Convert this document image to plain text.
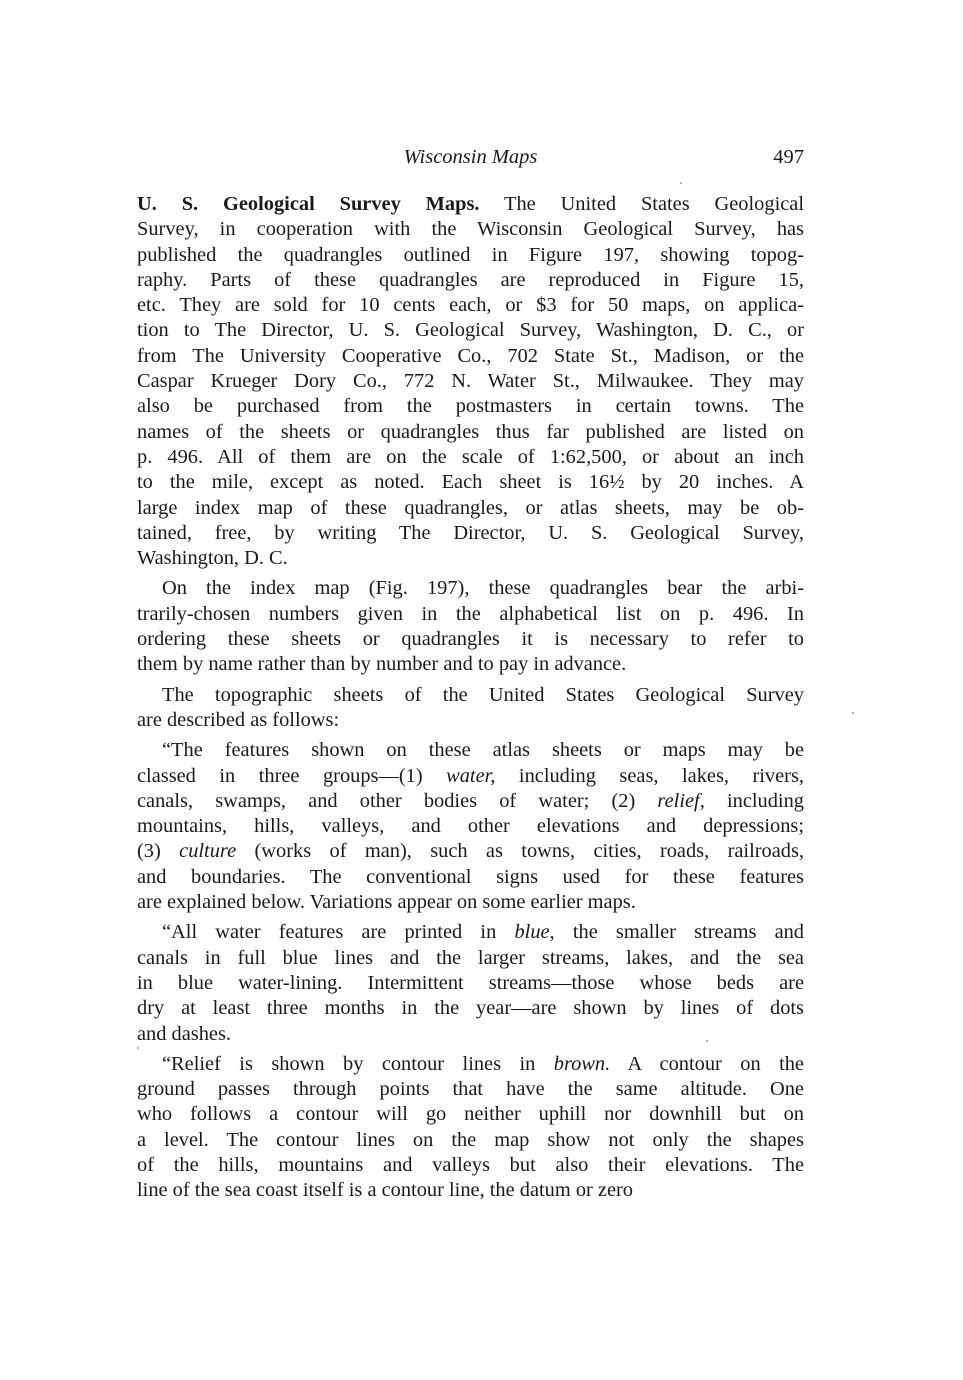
Wisconsin Maps	497
U. S. Geological Survey Maps. The United States Geological
Survey, in cooperation with the Wisconsin Geological Survey, has
published the quadrangles outlined in Figure 197, showing topog-
raphy. Parts of these quadrangles are reproduced in Figure 15,
etc. They are sold for 10 cents each, or $3 for 50 maps, on applica-
tion to The Director, U. S. Geological Survey, Washington, D. C., or
from The University Cooperative Co., 702 State St., Madison, or the
Caspar Krueger Dory Co., 772 N. Water St., Milwaukee. They may
also be purchased from the postmasters in certain towns. The
names of the sheets or quadrangles thus far published are listed on
p. 496. All of them are on the scale of 1:62,500, or about an inch
to the mile, except as noted. Each sheet is 16½ by 20 inches. A
large index map of these quadrangles, or atlas sheets, may be ob-
tained, free, by writing The Director, U. S. Geological Survey,
Washington, D. C.
On the index map (Fig. 197), these quadrangles bear the arbi-
trarily-chosen numbers given in the alphabetical list on p. 496. In
ordering these sheets or quadrangles it is necessary to refer to
them by name rather than by number and to pay in advance.
The topographic sheets of the United States Geological Survey
are described as follows:
“The features shown on these atlas sheets or maps may be
classed in three groups—(1) water, including seas, lakes, rivers,
canals, swamps, and other bodies of water; (2) relief, including
mountains, hills, valleys, and other elevations and depressions;
(3) culture (works of man), such as towns, cities, roads, railroads,
and boundaries. The conventional signs used for these features
are explained below. Variations appear on some earlier maps.
“All water features are printed in blue, the smaller streams and
canals in full blue lines and the larger streams, lakes, and the sea
in blue water-lining. Intermittent streams—those whose beds are
dry at least three months in the year—are shown by lines of dots
and dashes.
“Relief is shown by contour lines in brown. A contour on the
ground passes through points that have the same altitude. One
who follows a contour will go neither uphill nor downhill but on
a level. The contour lines on the map show not only the shapes
of the hills, mountains and valleys but also their elevations. The
line of the sea coast itself is a contour line, the datum or zero
